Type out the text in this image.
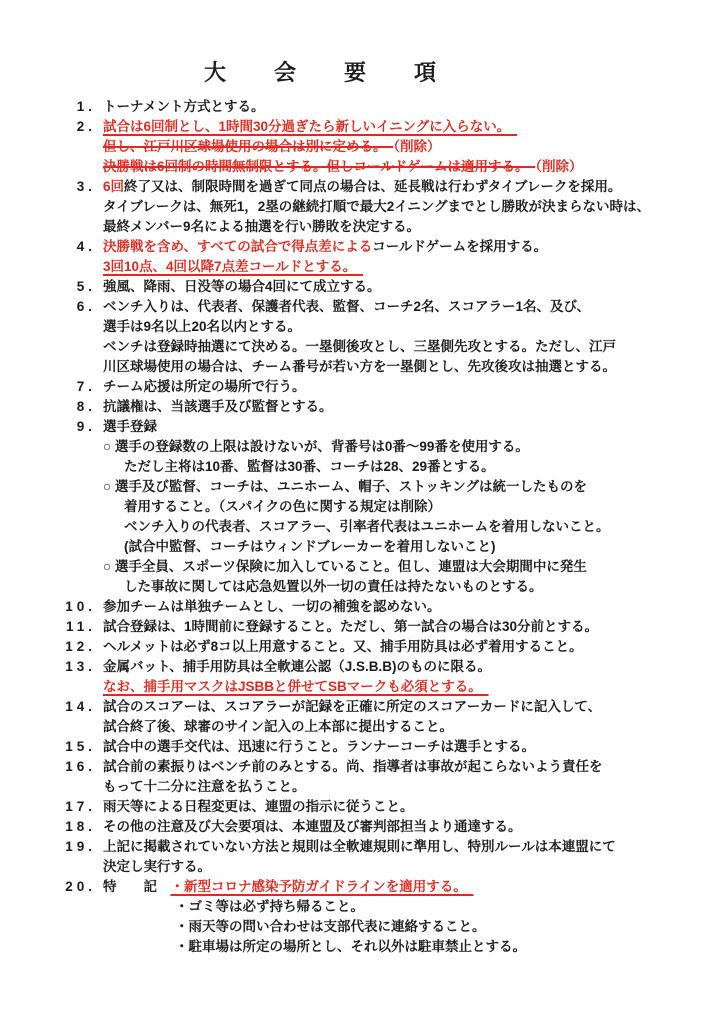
大　会　要　項
1. トーナメント方式とする。
2. 試合は6回制とし、1時間30分過ぎたら新しいイニングに入らない。　
但し、江戸川区球場使用の場合は別に定める。　（削除）
決勝戦は6回制の時間無制限とする。但しコールドゲームは適用する。　（削除）
3. 6回終了又は、制限時間を過ぎて同点の場合は、延長戦は行わずタイブレークを採用。
タイブレークは、無死1，2塁の継続打順で最大2イニングまでとし勝敗が決まらない時は、
最終メンバー9名による抽選を行い勝敗を決定する。
4. 決勝戦を含め、すべての試合で得点差によるコールドゲームを採用する。
3回10点、4回以降7点差コールドとする。　
5. 強風、降雨、日没等の場合4回にて成立する。
6. ベンチ入りは、代表者、保護者代表、監督、コーチ2名、スコアラー1名、及び、
選手は9名以上20名以内とする。
ベンチは登録時抽選にて決める。一塁側後攻とし、三塁側先攻とする。ただし、江戸
川区球場使用の場合は、チーム番号が若い方を一塁側とし、先攻後攻は抽選とする。
7. チーム応援は所定の場所で行う。
8. 抗議権は、当該選手及び監督とする。
9. 選手登録
○ 選手の登録数の上限は設けないが、背番号は0番～99番を使用する。
ただし主将は10番、監督は30番、コーチは28、29番とする。
○ 選手及び監督、コーチは、ユニホーム、帽子、ストッキングは統一したものを
着用すること。（スパイクの色に関する規定は削除）
ベンチ入りの代表者、スコアラー、引率者代表はユニホームを着用しないこと。
(試合中監督、コーチはウィンドブレーカーを着用しないこと)
○ 選手全員、スポーツ保険に加入していること。但し、連盟は大会期間中に発生
した事故に関しては応急処置以外一切の責任は持たないものとする。
10. 参加チームは単独チームとし、一切の補強を認めない。
11. 試合登録は、1時間前に登録すること。ただし、第一試合の場合は30分前とする。
12. ヘルメットは必ず8コ以上用意すること。又、捕手用防具は必ず着用すること。
13. 金属バット、捕手用防具は全軟連公認（J.S.B.B)のものに限る。
なお、捕手用マスクはJSBBと併せてSBマークも必須とする。　
14. 試合のスコアーは、スコアラーが記録を正確に所定のスコアーカードに記入して、
試合終了後、球審のサイン記入の上本部に提出すること。
15. 試合中の選手交代は、迅速に行うこと。ランナーコーチは選手とする。
16. 試合前の素振りはベンチ前のみとする。尚、指導者は事故が起こらないよう責任を
もって十二分に注意を払うこと。
17. 雨天等による日程変更は、連盟の指示に従うこと。
18. その他の注意及び大会要項は、本連盟及び審判部担当より通達する。
19. 上記に掲載されていない方法と規則は全軟連規則に準用し、特別ルールは本連盟にて
決定し実行する。
20. 特　　記　・新型コロナ感染予防ガイドラインを適用する。　
・ゴミ等は必ず持ち帰ること。
・雨天等の問い合わせは支部代表に連絡すること。
・駐車場は所定の場所とし、それ以外は駐車禁止とする。
